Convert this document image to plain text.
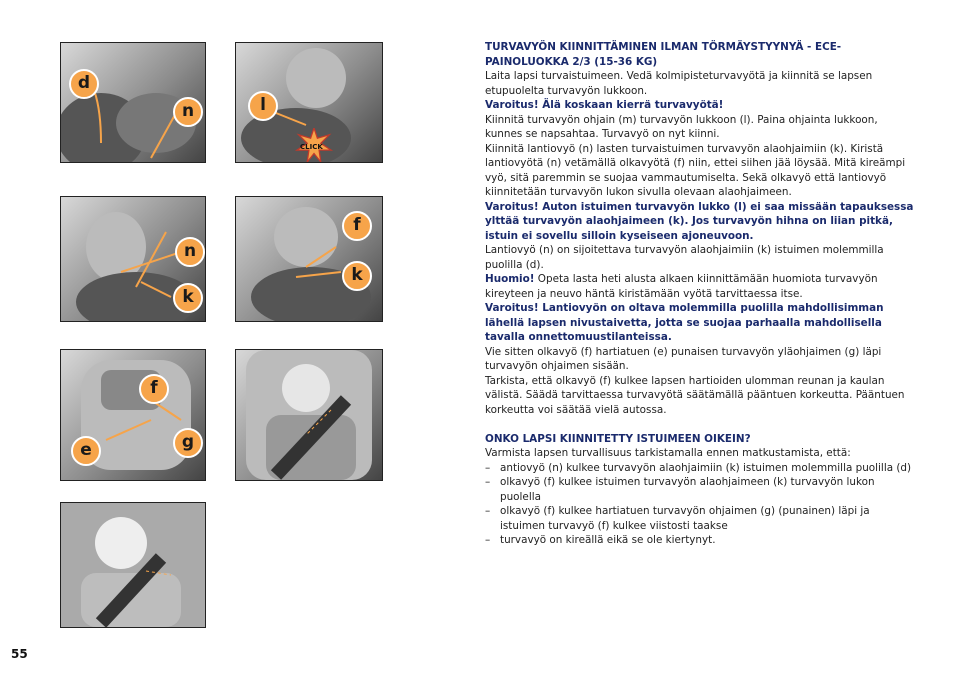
d
n	l
CLICK
n
k
f
k
f
e	g

TURVAVYÖN KIINNITTÄMINEN ILMAN TÖRMÄYSTYYNYÄ - ECE-PAINOLUOKKA 2/3 (15-36 KG)

Laita lapsi turvaistuimeen. Vedä kolmipisteturvavyötä ja kiinnitä se lapsen etupuolelta turvavyön lukkoon.

Varoitus! Älä koskaan kierrä turvavyötä!

Kiinnitä turvavyön ohjain (m) turvavyön lukkoon (l). Paina ohjainta lukkoon, kunnes se napsahtaa. Turvavyö on nyt kiinni.

Kiinnitä lantiovyö (n) lasten turvaistuimen turvavyön alaohjaimiin (k). Kiristä lantiovyötä (n) vetämällä olkavyötä (f) niin, ettei siihen jää löysää. Mitä kireämpi vyö, sitä paremmin se suojaa vammautumiselta. Sekä olkavyö että lantiovyö kiinnitetään turvavyön lukon sivulla olevaan alaohjaimeen.

Varoitus! Auton istuimen turvavyön lukko (l) ei saa missään tapauksessa ylttää turvavyön alaohjaimeen (k). Jos turvavyön hihna on liian pitkä, istuin ei sovellu silloin kyseiseen ajoneuvoon.

Lantiovyö (n) on sijoitettava turvavyön alaohjaimiin (k) istuimen molemmilla puolilla (d).

Huomio! Opeta lasta heti alusta alkaen kiinnittämään huomiota turvavyön kireyteen ja neuvo häntä kiristämään vyötä tarvittaessa itse.

Varoitus! Lantiovyön on oltava molemmilla puolilla mahdollisimman lähellä lapsen nivustaivetta, jotta se suojaa parhaalla mahdollisella tavalla onnettomuustilanteissa.

Vie sitten olkavyö (f) hartiatuen (e) punaisen turvavyön yläohjaimen (g) läpi turvavyön ohjaimen sisään.

Tarkista, että olkavyö (f) kulkee lapsen hartioiden ulomman reunan ja kaulan välistä. Säädä tarvittaessa turvavyötä säätämällä pääntuen korkeutta. Pääntuen korkeutta voi säätää vielä autossa.

ONKO LAPSI KIINNITETTY ISTUIMEEN OIKEIN?

Varmista lapsen turvallisuus tarkistamalla ennen matkustamista, että:

– antiovyö (n) kulkee turvavyön alaohjaimiin (k) istuimen molemmilla puolilla (d)
– olkavyö (f) kulkee istuimen turvavyön alaohjaimeen (k) turvavyön lukon puolella
– olkavyö (f) kulkee hartiatuen turvavyön ohjaimen (g) (punainen) läpi ja istuimen turvavyö (f) kulkee viistosti taakse
– turvavyö on kireällä eikä se ole kiertynyt.
55
